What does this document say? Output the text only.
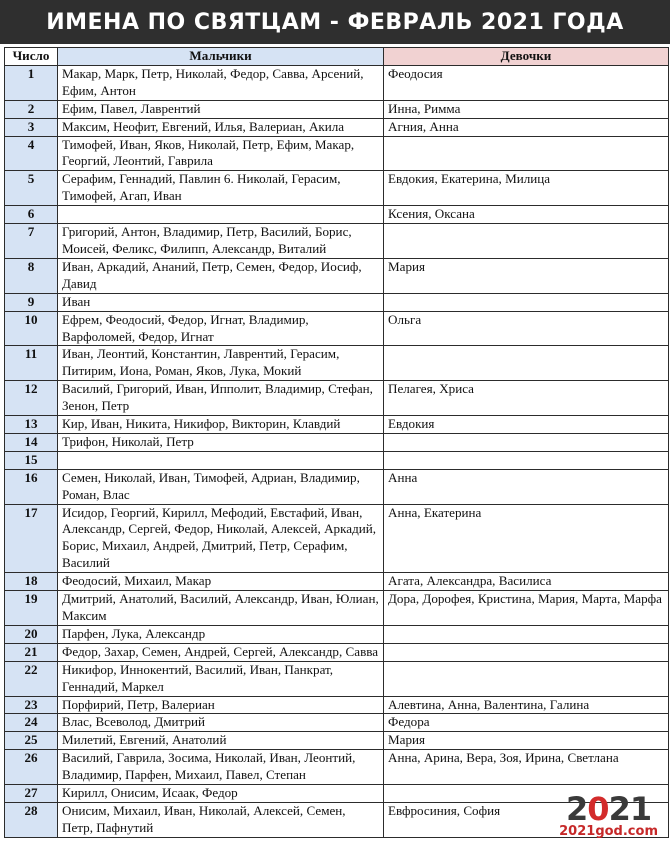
ИМЕНА ПО СВЯТЦАМ - ФЕВРАЛЬ 2021 ГОДА
Число	Мальчики	Девочки
1	Макар, Марк, Петр, Николай, Федор, Савва, Арсений, Ефим, Антон	Феодосия
2	Ефим, Павел, Лаврентий	Инна, Римма
3	Максим, Неофит, Евгений, Илья, Валериан, Акила	Агния, Анна
4	Тимофей, Иван, Яков, Николай, Петр, Ефим, Макар, Георгий, Леонтий, Гаврила	
5	Серафим, Геннадий, Павлин 6. Николай, Герасим, Тимофей, Агап, Иван	Евдокия, Екатерина, Милица
6		Ксения, Оксана
7	Григорий, Антон, Владимир, Петр, Василий, Борис, Моисей, Феликс, Филипп, Александр, Виталий	
8	Иван, Аркадий, Ананий, Петр, Семен, Федор, Иосиф, Давид	Мария
9	Иван	
10	Ефрем, Феодосий, Федор, Игнат, Владимир, Варфоломей, Федор, Игнат	Ольга
11	Иван, Леонтий, Константин, Лаврентий, Герасим, Питирим, Иона, Роман, Яков, Лука, Мокий	
12	Василий, Григорий, Иван, Ипполит, Владимир, Стефан, Зенон, Петр	Пелагея, Хриса
13	Кир, Иван, Никита, Никифор, Викторин, Клавдий	Евдокия
14	Трифон, Николай, Петр	
15		
16	Семен, Николай, Иван, Тимофей, Адриан, Владимир, Роман, Влас	Анна
17	Исидор, Георгий, Кирилл, Мефодий, Евстафий, Иван, Александр, Сергей, Федор, Николай, Алексей, Аркадий, Борис, Михаил, Андрей, Дмитрий, Петр, Серафим, Василий	Анна, Екатерина
18	Феодосий, Михаил, Макар	Агата, Александра, Василиса
19	Дмитрий, Анатолий, Василий, Александр, Иван, Юлиан, Максим	Дора, Дорофея, Кристина, Мария, Марта, Марфа
20	Парфен, Лука, Александр	
21	Федор, Захар, Семен, Андрей, Сергей, Александр, Савва	
22	Никифор, Иннокентий, Василий, Иван, Панкрат, Геннадий, Маркел	
23	Порфирий, Петр, Валериан	Алевтина, Анна, Валентина, Галина
24	Влас, Всеволод, Дмитрий	Федора
25	Милетий, Евгений, Анатолий	Мария
26	Василий, Гаврила, Зосима, Николай, Иван, Леонтий, Владимир, Парфен, Михаил, Павел, Степан	Анна, Арина, Вера, Зоя, Ирина, Светлана
27	Кирилл, Онисим, Исаак, Федор	
28	Онисим, Михаил, Иван, Николай, Алексей, Семен, Петр, Пафнутий	Евфросиния, София 2021
2021god.com
